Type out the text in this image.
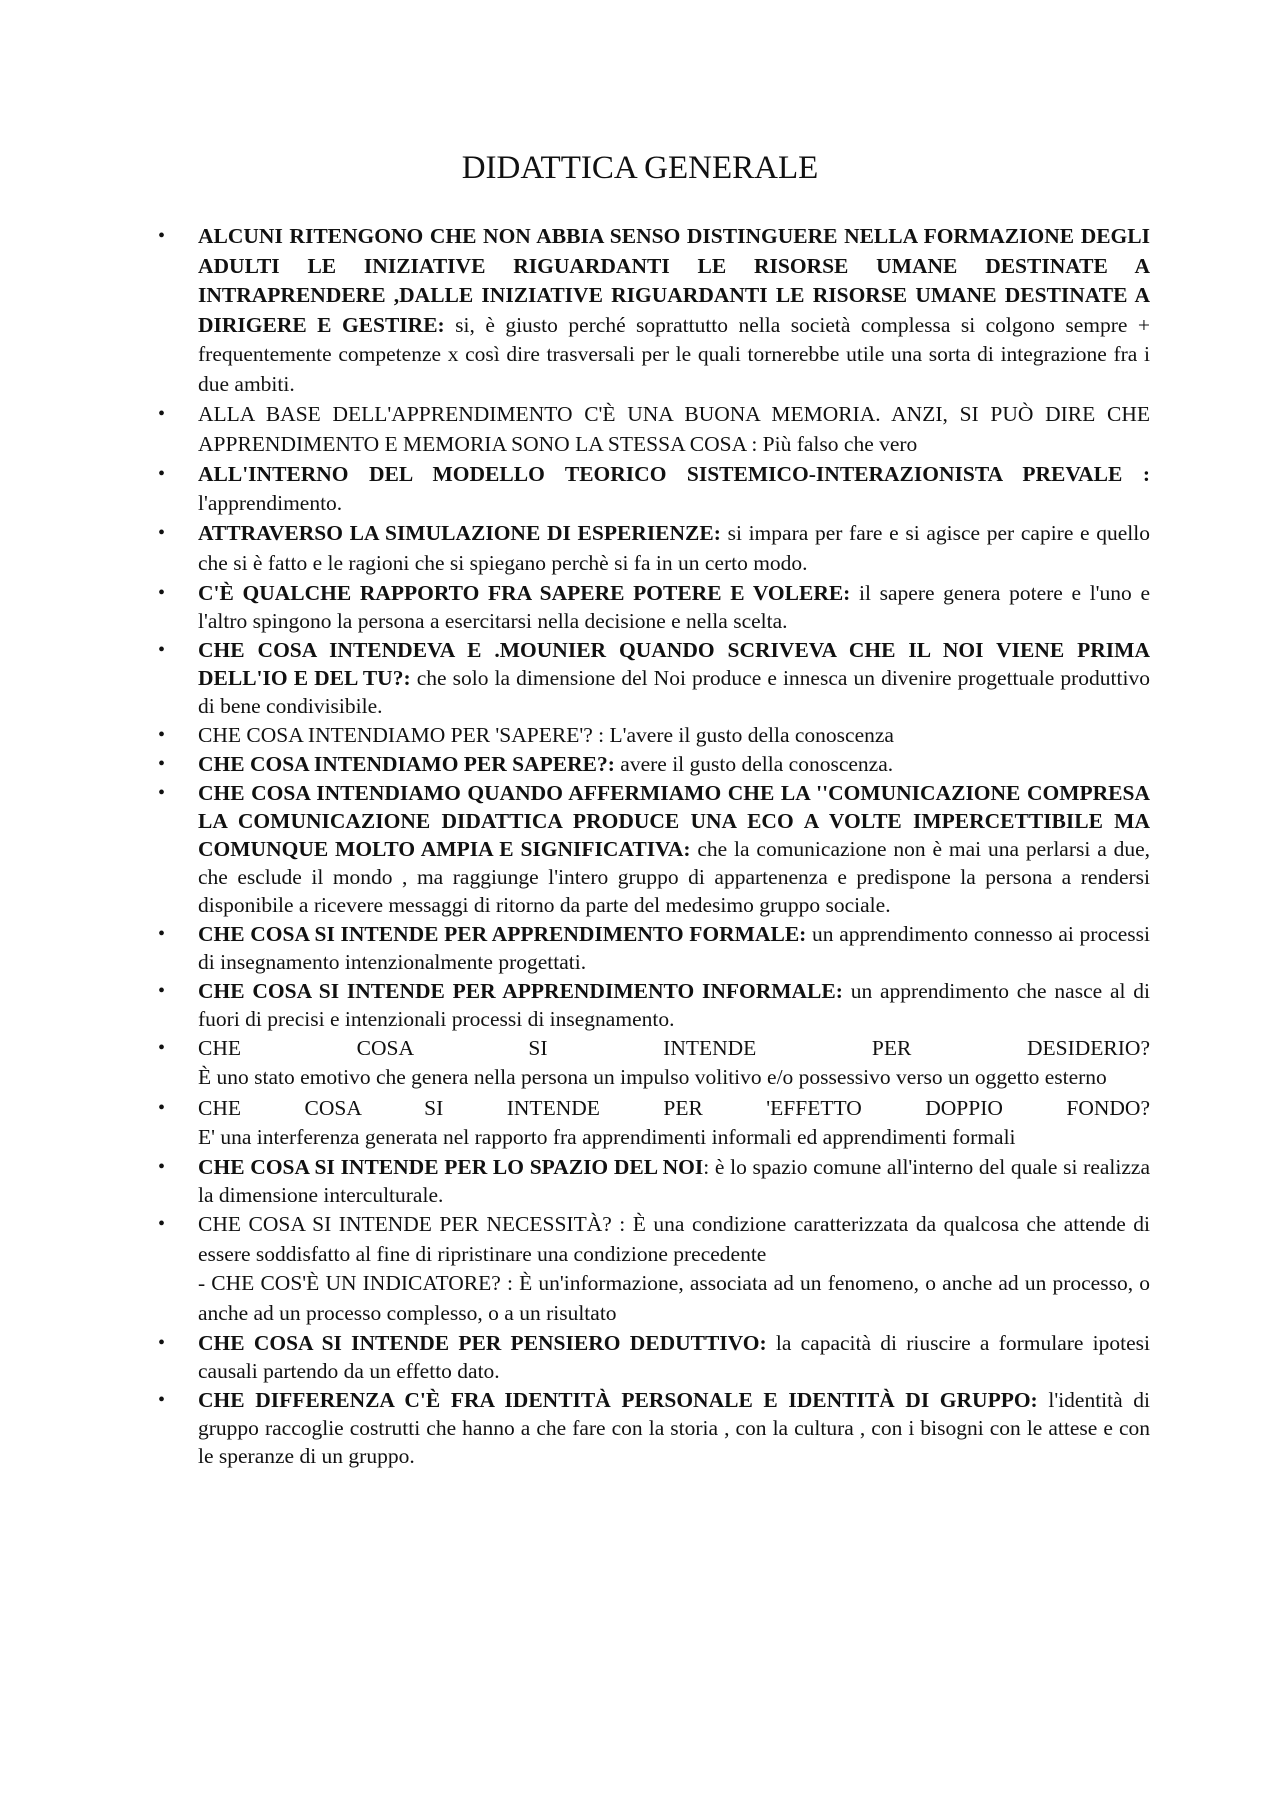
DIDATTICA GENERALE
• ALCUNI RITENGONO CHE NON ABBIA SENSO DISTINGUERE NELLA FORMAZIONE DEGLI ADULTI LE INIZIATIVE RIGUARDANTI LE RISORSE UMANE DESTINATE A INTRAPRENDERE ,DALLE INIZIATIVE RIGUARDANTI LE RISORSE UMANE DESTINATE A DIRIGERE E GESTIRE: si, è giusto perché soprattutto nella società complessa si colgono sempre + frequentemente competenze x così dire trasversali per le quali tornerebbe utile una sorta di integrazione fra i due ambiti.
• ALLA BASE DELL'APPRENDIMENTO C'È UNA BUONA MEMORIA. ANZI, SI PUÒ DIRE CHE APPRENDIMENTO E MEMORIA SONO LA STESSA COSA : Più falso che vero
• ALL'INTERNO DEL MODELLO TEORICO SISTEMICO-INTERAZIONISTA PREVALE : l'apprendimento.
• ATTRAVERSO LA SIMULAZIONE DI ESPERIENZE: si impara per fare e si agisce per capire e quello che si è fatto e le ragioni che si spiegano perchè si fa in un certo modo.
• C'È QUALCHE RAPPORTO FRA SAPERE POTERE E VOLERE: il sapere genera potere e l'uno e l'altro spingono la persona a esercitarsi nella decisione e nella scelta.
• CHE COSA INTENDEVA E .MOUNIER QUANDO SCRIVEVA CHE IL NOI VIENE PRIMA DELL'IO E DEL TU?: che solo la dimensione del Noi produce e innesca un divenire progettuale produttivo di bene condivisibile.
• CHE COSA INTENDIAMO PER 'SAPERE'? : L'avere il gusto della conoscenza
• CHE COSA INTENDIAMO PER SAPERE?: avere il gusto della conoscenza.
• CHE COSA INTENDIAMO QUANDO AFFERMIAMO CHE LA ''COMUNICAZIONE COMPRESA LA COMUNICAZIONE DIDATTICA PRODUCE UNA ECO A VOLTE IMPERCETTIBILE MA COMUNQUE MOLTO AMPIA E SIGNIFICATIVA: che la comunicazione non è mai una perlarsi a due, che esclude il mondo , ma raggiunge l'intero gruppo di appartenenza e predispone la persona a rendersi disponibile a ricevere messaggi di ritorno da parte del medesimo gruppo sociale.
• CHE COSA SI INTENDE PER APPRENDIMENTO FORMALE: un apprendimento connesso ai processi di insegnamento intenzionalmente progettati.
• CHE COSA SI INTENDE PER APPRENDIMENTO INFORMALE: un apprendimento che nasce al di fuori di precisi e intenzionali processi di insegnamento.
• CHE COSA SI INTENDE PER DESIDERIO?
È uno stato emotivo che genera nella persona un impulso volitivo e/o possessivo verso un oggetto esterno
• CHE COSA SI INTENDE PER 'EFFETTO DOPPIO FONDO?
E' una interferenza generata nel rapporto fra apprendimenti informali ed apprendimenti formali
• CHE COSA SI INTENDE PER LO SPAZIO DEL NOI: è lo spazio comune all'interno del quale si realizza la dimensione interculturale.
• CHE COSA SI INTENDE PER NECESSITÀ? : È una condizione caratterizzata da qualcosa che attende di essere soddisfatto al fine di ripristinare una condizione precedente
- CHE COS'È UN INDICATORE? : È un'informazione, associata ad un fenomeno, o anche ad un processo, o anche ad un processo complesso, o a un risultato
• CHE COSA SI INTENDE PER PENSIERO DEDUTTIVO: la capacità di riuscire a formulare ipotesi causali partendo da un effetto dato.
• CHE DIFFERENZA C'È FRA IDENTITÀ PERSONALE E IDENTITÀ DI GRUPPO: l'identità di gruppo raccoglie costrutti che hanno a che fare con la storia , con la cultura , con i bisogni con le attese e con le speranze di un gruppo.
